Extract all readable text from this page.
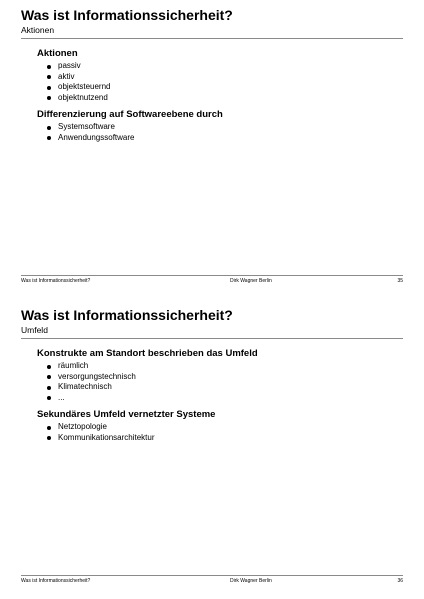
Was ist Informationssicherheit?
Aktionen
Aktionen
passiv
aktiv
objektsteuernd
objektnutzend
Differenzierung auf Softwareebene durch
Systemsoftware
Anwendungssoftware
Was ist Informationssicherheit?	Dirk Wagner Berlin	35
Was ist Informationssicherheit?
Umfeld
Konstrukte am Standort beschrieben das Umfeld
räumlich
versorgungstechnisch
Klimatechnisch
...
Sekundäres Umfeld vernetzter Systeme
Netztopologie
Kommunikationsarchitektur
Was ist Informationssicherheit?	Dirk Wagner Berlin	36
